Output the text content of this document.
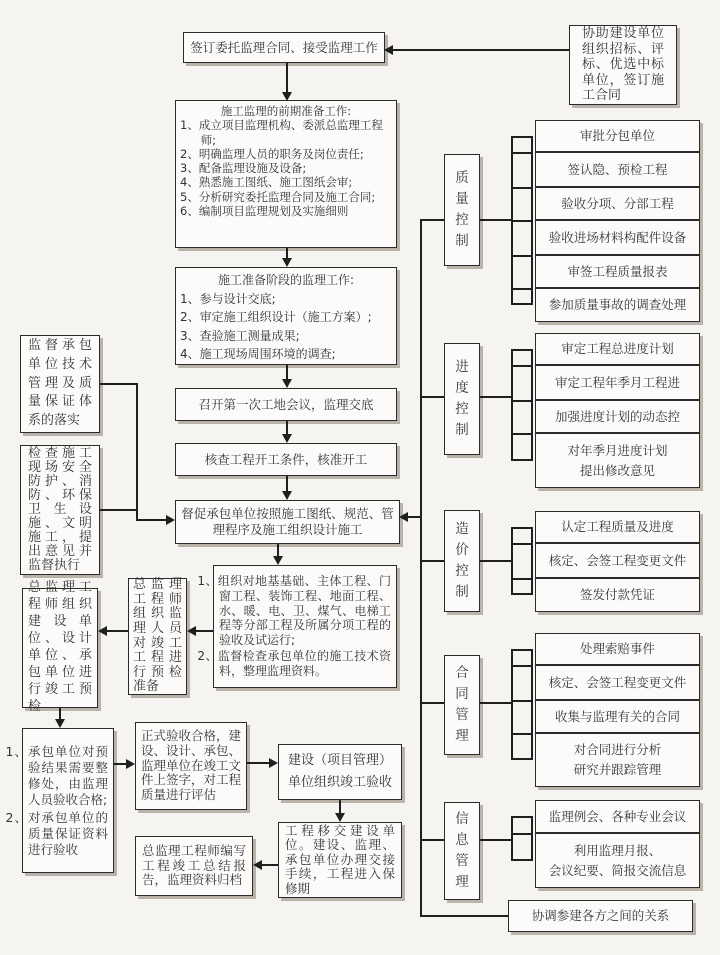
签订委托监理合同、接受监理工作
施工监理的前期准备工作:
1、成立项目监理机构、委派总监理工程师;
2、明确监理人员的职务及岗位责任;
3、配备监理设施及设备;
4、熟悉施工图纸、施工图纸会审;
5、分析研究委托监理合同及施工合同;
6、编制项目监理规划及实施细则
施工准备阶段的监理工作:
1、参与设计交底;
2、审定施工组织设计（施工方案）;
3、查验施工测量成果;
4、施工现场周围环境的调查;
召开第一次工地会议，监理交底
核查工程开工条件，核准开工
督促承包单位按照施工图纸、规范、管理程序及施工组织设计施工
1、组织对地基基础、主体工程、门窗工程、装饰工程、地面工程、水、暖、电、卫、煤气、电梯工程等分部工程及所属分项工程的验收及试运行;
2、监督检查承包单位的施工技术资料，整理监理资料。
总监理工程师组织监理人员对竣工工程进行预检准备
总监理工程师组织建设单位、设计单位、承包单位进行竣工预检
1、承包单位对预验结果需要整修处，由监理人员验收合格;
2、对承包单位的质量保证资料进行验收
正式验收合格，建设、设计、承包、监理单位在竣工文件上签字，对工程质量进行评估
建设（项目管理）单位组织竣工验收
工程移交建设单位。建设、监理、承包单位办理交接手续，工程进入保修期
总监理工程师编写工程竣工总结报告，监理资料归档
监督承包单位技术管理及质量保证体系的落实
检查施工现场安全防护、消防、环保卫生设施、文明施工，提出意见并监督执行
协助建设单位组织招标、评标、优选中标单位，签订施工合同
质量控制
进度控制
造价控制
合同管理
信息管理
审批分包单位
签认隐、预检工程
验收分项、分部工程
验收进场材料构配件设备
审签工程质量报表
参加质量事故的调查处理
审定工程总进度计划
审定工程年季月工程进
加强进度计划的动态控
对年季月进度计划
提出修改意见
认定工程质量及进度
核定、会签工程变更文件
签发付款凭证
处理索赔事件
核定、会签工程变更文件
收集与监理有关的合同
对合同进行分析
研究并跟踪管理
监理例会、各种专业会议
利用监理月报、
会议纪要、简报交流信息
协调参建各方之间的关系
